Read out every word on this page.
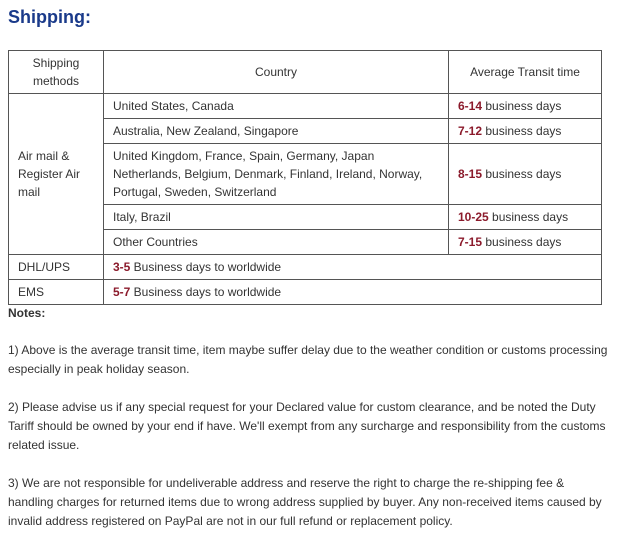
Shipping:
Shipping methods	Country	Average Transit time
Air mail & Register Air mail	United States, Canada	6-14 business days
	Australia, New Zealand, Singapore	7-12 business days
	United Kingdom, France, Spain, Germany, Japan Netherlands, Belgium, Denmark, Finland, Ireland, Norway, Portugal, Sweden, Switzerland	8-15 business days
	Italy, Brazil	10-25 business days
	Other Countries	7-15 business days
DHL/UPS	3-5 Business days to worldwide	
EMS	5-7 Business days to worldwide	

Notes:

1) Above is the average transit time, item maybe suffer delay due to the weather condition or customs processing especially in peak holiday season.

2) Please advise us if any special request for your Declared value for custom clearance, and be noted the Duty Tariff should be owned by your end if have. We'll exempt from any surcharge and responsibility from the customs related issue.

3) We are not responsible for undeliverable address and reserve the right to charge the re-shipping fee & handling charges for returned items due to wrong address supplied by buyer. Any non-received items caused by invalid address registered on PayPal are not in our full refund or replacement policy.
